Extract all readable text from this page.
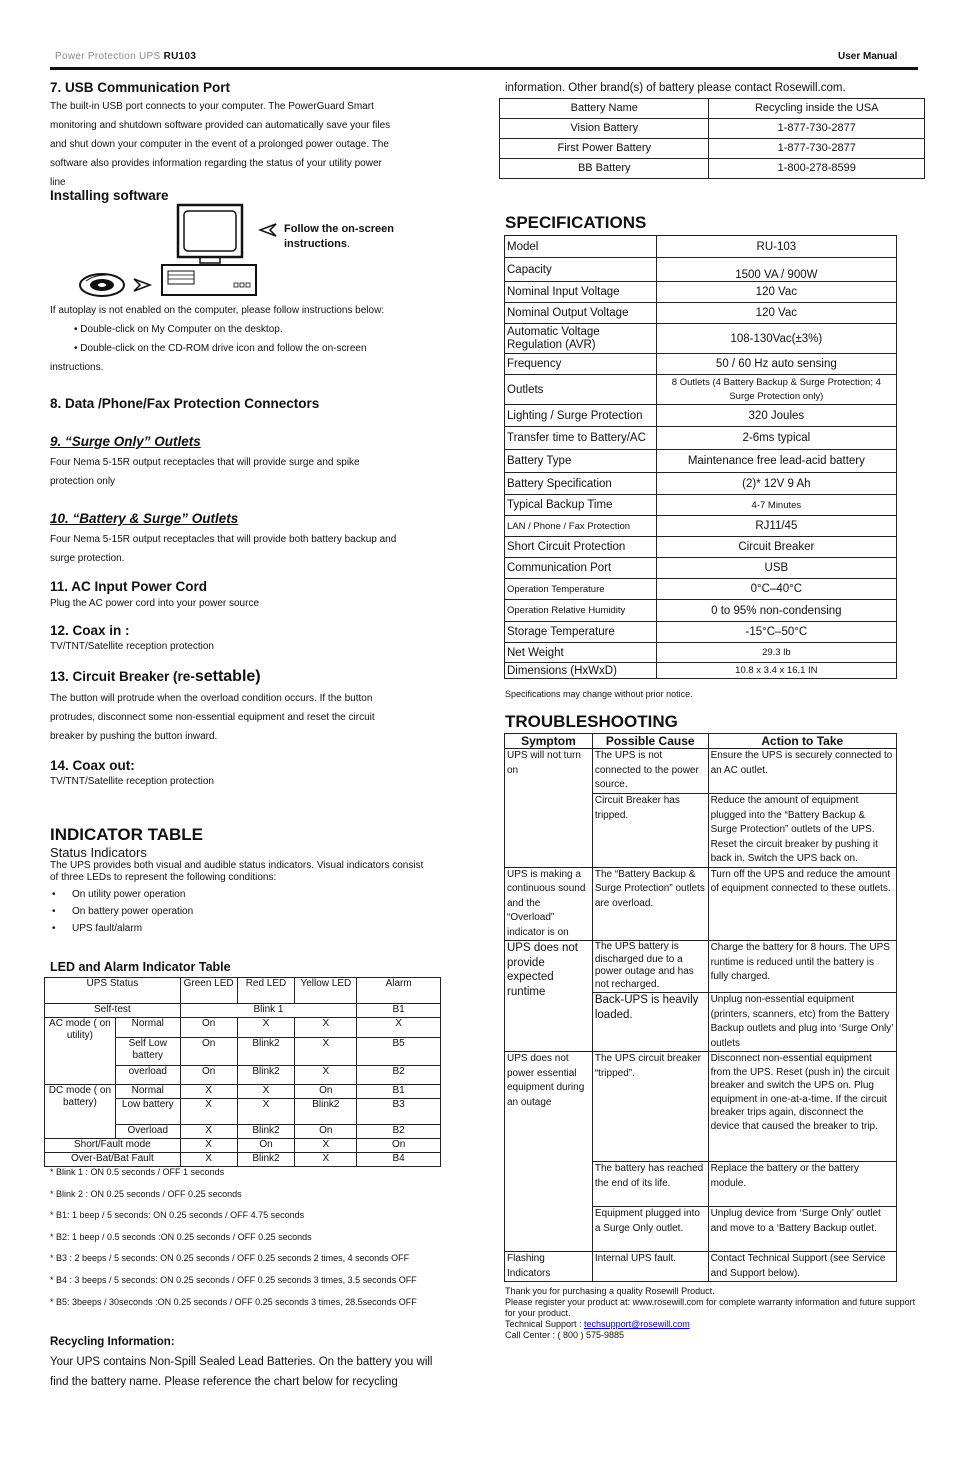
Power Protection UPS RU103	User Manual
7. USB Communication Port
The built-in USB port connects to your computer. The PowerGuard Smart
monitoring and shutdown software provided can automatically save your files
and shut down your computer in the event of a prolonged power outage. The
software also provides information regarding the status of your utility power
line
Installing software
Follow the on-screen
instructions.
If autoplay is not enabled on the computer, please follow instructions below:
• Double-click on My Computer on the desktop.
• Double-click on the CD-ROM drive icon and follow the on-screen
instructions.
8. Data /Phone/Fax Protection Connectors
9. “Surge Only” Outlets
Four Nema 5-15R output receptacles that will provide surge and spike
protection only
10. “Battery & Surge” Outlets
Four Nema 5-15R output receptacles that will provide both battery backup and
surge protection.
11. AC Input Power Cord
Plug the AC power cord into your power source
12. Coax in :
TV/TNT/Satellite reception protection
13. Circuit Breaker (re-settable)
The button will protrude when the overload condition occurs. If the button
protrudes, disconnect some non-essential equipment and reset the circuit
breaker by pushing the button inward.
14. Coax out:
TV/TNT/Satellite reception protection
INDICATOR TABLE
Status Indicators
The UPS provides both visual and audible status indicators. Visual indicators consist
of three LEDs to represent the following conditions:
• On utility power operation
• On battery power operation
• UPS fault/alarm
LED and Alarm Indicator Table
UPS Status		Green LED	Red LED	Yellow LED	Alarm
Self-test		Blink 1			B1
AC mode ( on utility)	Normal	On	X	X	X
	Self Low battery	On	Blink2	X	B5
	overload	On	Blink2	X	B2
DC mode ( on battery)	Normal	X	X	On	B1
	Low battery	X	X	Blink2	B3
	Overload	X	Blink2	On	B2
Short/Fault mode		X	On	X	On
Over-Bat/Bat Fault		X	Blink2	X	B4
* Blink 1 : ON 0.5 seconds / OFF 1 seconds
* Blink 2 : ON 0.25 seconds / OFF 0.25 seconds
* B1: 1 beep / 5 seconds: ON 0.25 seconds / OFF 4.75 seconds
* B2: 1 beep / 0.5 seconds :ON 0.25 seconds / OFF 0.25 seconds
* B3 : 2 beeps / 5 seconds: ON 0.25 seconds / OFF 0.25 seconds 2 times, 4 seconds OFF
* B4 : 3 beeps / 5 seconds: ON 0.25 seconds / OFF 0.25 seconds 3 times, 3.5 seconds OFF
* B5: 3beeps / 30seconds :ON 0.25 seconds / OFF 0.25 seconds 3 times, 28.5seconds OFF
Recycling Information:
Your UPS contains Non-Spill Sealed Lead Batteries. On the battery you will
find the battery name. Please reference the chart below for recycling
information. Other brand(s) of battery please contact Rosewill.com.
Battery Name	Recycling inside the USA
Vision Battery	1-877-730-2877
First Power Battery	1-877-730-2877
BB Battery	1-800-278-8599
SPECIFICATIONS
Model	RU-103
Capacity	1500 VA / 900W
Nominal Input Voltage	120 Vac
Nominal Output Voltage	120 Vac
Automatic Voltage Regulation (AVR)	108-130Vac(±3%)
Frequency	50 / 60 Hz auto sensing
Outlets	8 Outlets (4 Battery Backup & Surge Protection; 4 Surge Protection only)
Lighting / Surge Protection	320 Joules
Transfer time to Battery/AC	2-6ms typical
Battery Type	Maintenance free lead-acid battery
Battery Specification	(2)* 12V 9 Ah
Typical Backup Time	4-7 Minutes
LAN / Phone / Fax Protection	RJ11/45
Short Circuit Protection	Circuit Breaker
Communication Port	USB
Operation Temperature	0°C–40°C
Operation Relative Humidity	0 to 95% non-condensing
Storage Temperature	-15°C–50°C
Net Weight	29.3 lb
Dimensions (HxWxD)	10.8 x 3.4 x 16.1 IN
Specifications may change without prior notice.
TROUBLESHOOTING
Symptom	Possible Cause	Action to Take
UPS will not turn on	The UPS is not connected to the power source.	Ensure the UPS is securely connected to an AC outlet.
	Circuit Breaker has tripped.	Reduce the amount of equipment plugged into the “Battery Backup & Surge Protection” outlets of the UPS. Reset the circuit breaker by pushing it back in. Switch the UPS back on.
UPS is making a continuous sound and the “Overload” indicator is on	The “Battery Backup & Surge Protection” outlets are overload.	Turn off the UPS and reduce the amount of equipment connected to these outlets.
UPS does not provide expected runtime	The UPS battery is discharged due to a power outage and has not recharged.	Charge the battery for 8 hours. The UPS runtime is reduced until the battery is fully charged.
	Back-UPS is heavily loaded.	Unplug non-essential equipment (printers, scanners, etc) from the Battery Backup outlets and plug into ‘Surge Only’ outlets
UPS does not power essential equipment during an outage	The UPS circuit breaker “tripped”.	Disconnect non-essential equipment from the UPS. Reset (push in) the circuit breaker and switch the UPS on. Plug equipment in one-at-a-time. If the circuit breaker trips again, disconnect the device that caused the breaker to trip.
	The battery has reached the end of its life.	Replace the battery or the battery module.
	Equipment plugged into a Surge Only outlet.	Unplug device from ‘Surge Only’ outlet and move to a ‘Battery Backup outlet.
Flashing Indicators	Internal UPS fault.	Contact Technical Support (see Service and Support below).
Thank you for purchasing a quality Rosewill Product.
Please register your product at: www.rosewill.com for complete warranty information and future support for your product.
Technical Support : techsupport@rosewill.com
Call Center : ( 800 ) 575-9885
